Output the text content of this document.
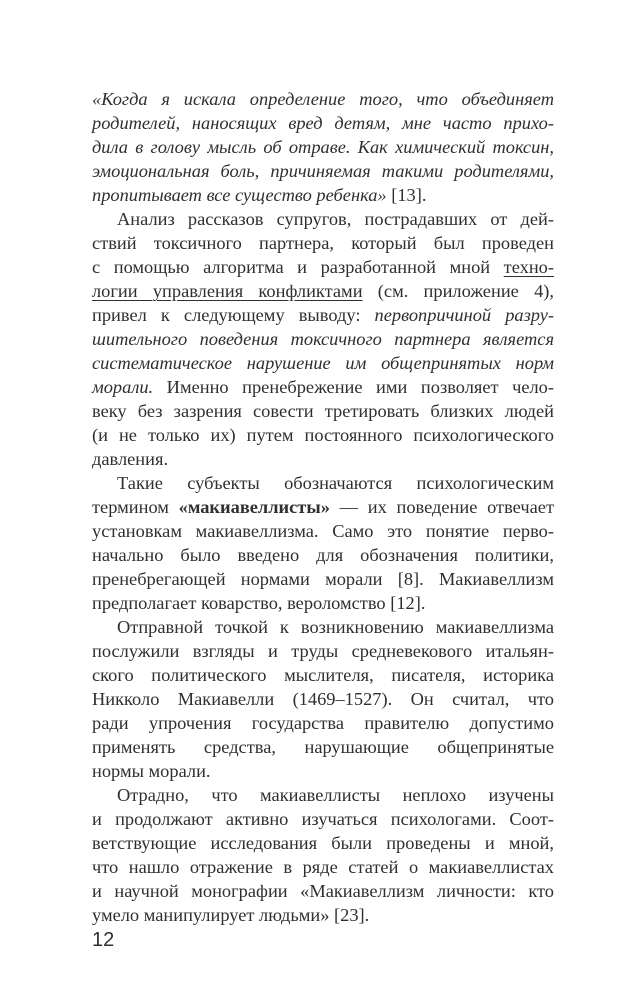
«Когда я искала определение того, что объединяет

родителей, наносящих вред детям, мне часто прихо-

дила в голову мысль об отраве. Как химический токсин,

эмоциональная боль, причиняемая такими родителями,

пропитывает все существо ребенка» [13].

Анализ рассказов супругов, пострадавших от дей-

ствий токсичного партнера, который был проведен

с помощью алгоритма и разработанной мной техно-

логии управления конфликтами (см. приложение 4),

привел к следующему выводу: первопричиной разру-

шительного поведения токсичного партнера является

систематическое нарушение им общепринятых норм

морали. Именно пренебрежение ими позволяет чело-

веку без зазрения совести третировать близких людей

(и не только их) путем постоянного психологического

давления.

Такие субъекты обозначаются психологическим

термином «макиавеллисты» — их поведение отвечает

установкам макиавеллизма. Само это понятие перво-

начально было введено для обозначения политики,

пренебрегающей нормами морали [8]. Макиавеллизм

предполагает коварство, вероломство [12].

Отправной точкой к возникновению макиавеллизма

послужили взгляды и труды средневекового итальян-

ского политического мыслителя, писателя, историка

Никколо Макиавелли (1469–1527). Он считал, что

ради упрочения государства правителю допустимо

применять средства, нарушающие общепринятые

нормы морали.

Отрадно, что макиавеллисты неплохо изучены

и продолжают активно изучаться психологами. Соот-

ветствующие исследования были проведены и мной,

что нашло отражение в ряде статей о макиавеллистах

и научной монографии «Макиавеллизм личности: кто

умело манипулирует людьми» [23].

12
